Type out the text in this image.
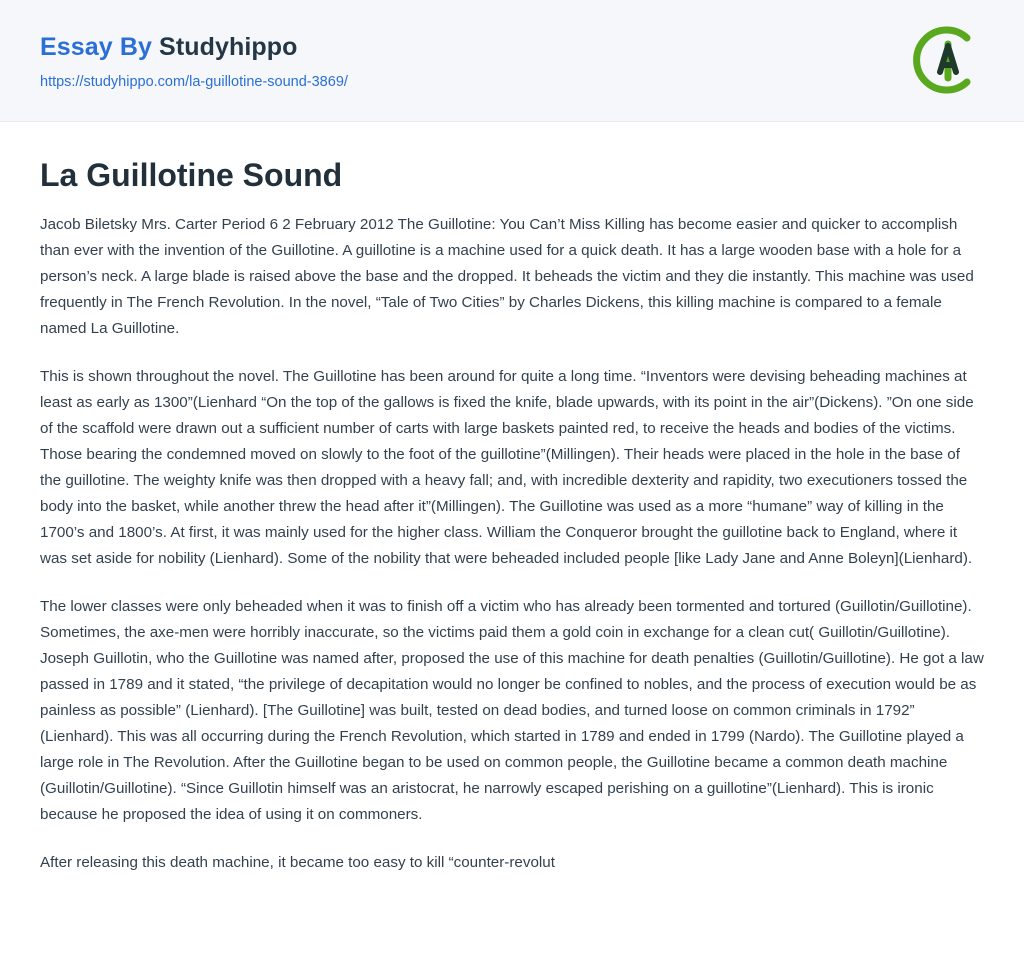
Essay By Studyhippo
https://studyhippo.com/la-guillotine-sound-3869/
La Guillotine Sound

Jacob Biletsky Mrs. Carter Period 6 2 February 2012 The Guillotine: You Can’t Miss Killing has become easier and quicker to accomplish than ever with the invention of the Guillotine. A guillotine is a machine used for a quick death. It has a large wooden base with a hole for a person’s neck. A large blade is raised above the base and the dropped. It beheads the victim and they die instantly. This machine was used frequently in The French Revolution. In the novel, “Tale of Two Cities” by Charles Dickens, this killing machine is compared to a female named La Guillotine.

This is shown throughout the novel. The Guillotine has been around for quite a long time. “Inventors were devising beheading machines at least as early as 1300”(Lienhard “On the top of the gallows is fixed the knife, blade upwards, with its point in the air”(Dickens). ”On one side of the scaffold were drawn out a sufficient number of carts with large baskets painted red, to receive the heads and bodies of the victims. Those bearing the condemned moved on slowly to the foot of the guillotine”(Millingen). Their heads were placed in the hole in the base of the guillotine. The weighty knife was then dropped with a heavy fall; and, with incredible dexterity and rapidity, two executioners tossed the body into the basket, while another threw the head after it”(Millingen). The Guillotine was used as a more “humane” way of killing in the 1700’s and 1800’s. At first, it was mainly used for the higher class. William the Conqueror brought the guillotine back to England, where it was set aside for nobility (Lienhard). Some of the nobility that were beheaded included people [like Lady Jane and Anne Boleyn](Lienhard).

The lower classes were only beheaded when it was to finish off a victim who has already been tormented and tortured (Guillotin/Guillotine). Sometimes, the axe-men were horribly inaccurate, so the victims paid them a gold coin in exchange for a clean cut( Guillotin/Guillotine). Joseph Guillotin, who the Guillotine was named after, proposed the use of this machine for death penalties (Guillotin/Guillotine). He got a law passed in 1789 and it stated, “the privilege of decapitation would no longer be confined to nobles, and the process of execution would be as painless as possible” (Lienhard). [The Guillotine] was built, tested on dead bodies, and turned loose on common criminals in 1792” (Lienhard). This was all occurring during the French Revolution, which started in 1789 and ended in 1799 (Nardo). The Guillotine played a large role in The Revolution. After the Guillotine began to be used on common people, the Guillotine became a common death machine (Guillotin/Guillotine). “Since Guillotin himself was an aristocrat, he narrowly escaped perishing on a guillotine”(Lienhard). This is ironic because he proposed the idea of using it on commoners.

After releasing this death machine, it became too easy to kill “counter-revolut
